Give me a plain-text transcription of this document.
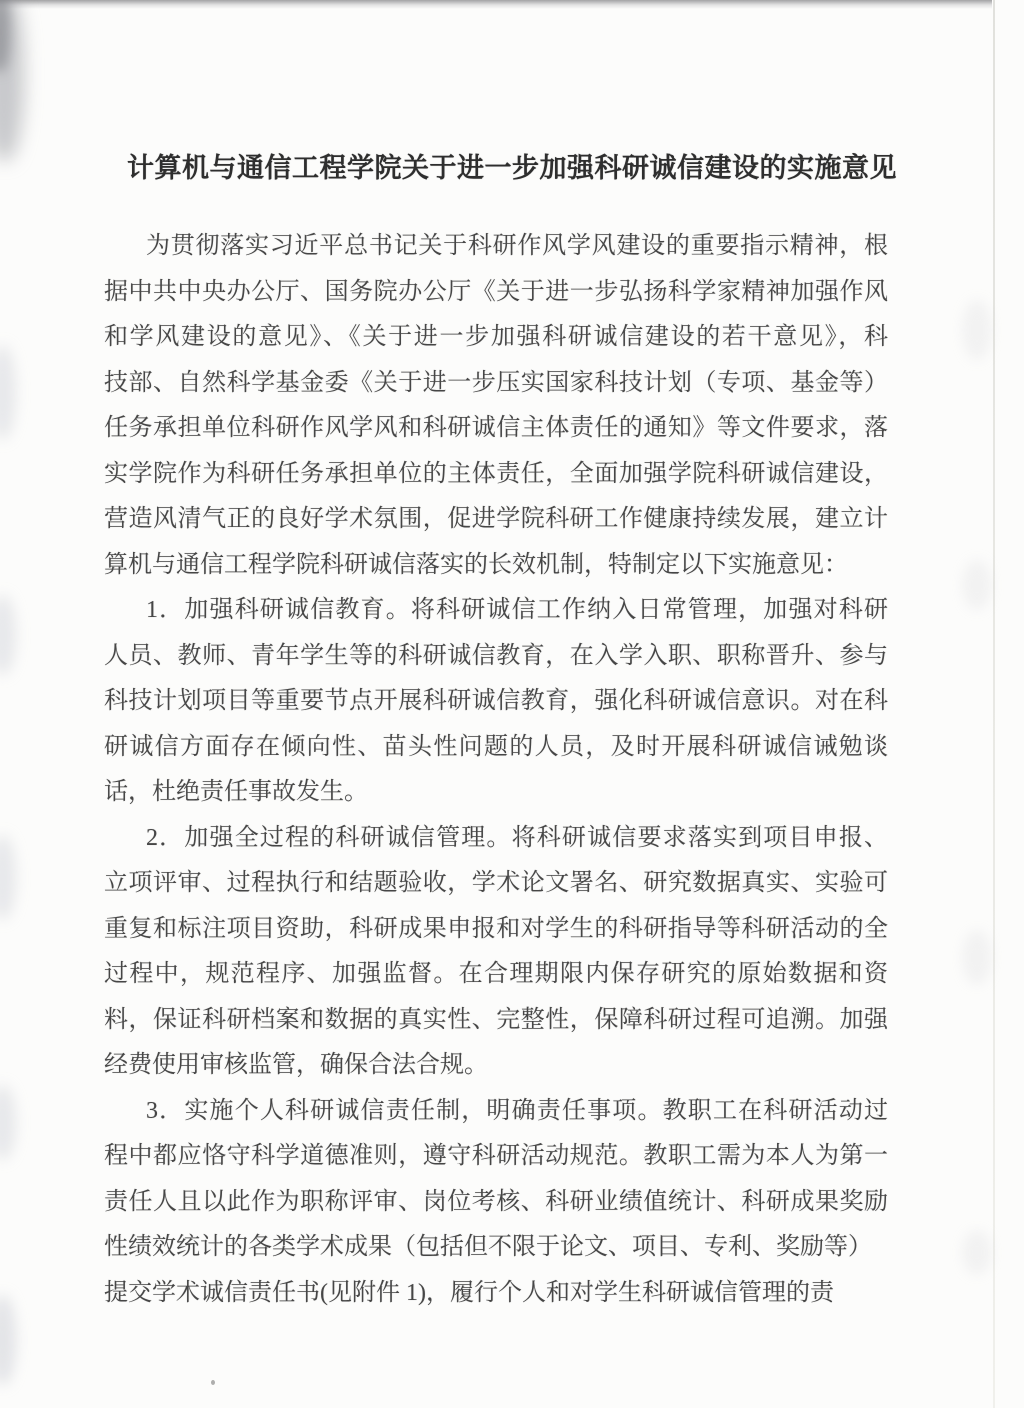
计算机与通信工程学院关于进一步加强科研诚信建设的实施意见
为贯彻落实习近平总书记关于科研作风学风建设的重要指示精神，根
据中共中央办公厅、国务院办公厅《关于进一步弘扬科学家精神加强作风
和学风建设的意见》、《关于进一步加强科研诚信建设的若干意见》，科
技部、自然科学基金委《关于进一步压实国家科技计划（专项、基金等）
任务承担单位科研作风学风和科研诚信主体责任的通知》等文件要求，落
实学院作为科研任务承担单位的主体责任，全面加强学院科研诚信建设，
营造风清气正的良好学术氛围，促进学院科研工作健康持续发展，建立计
算机与通信工程学院科研诚信落实的长效机制，特制定以下实施意见：
1．加强科研诚信教育。将科研诚信工作纳入日常管理，加强对科研
人员、教师、青年学生等的科研诚信教育，在入学入职、职称晋升、参与
科技计划项目等重要节点开展科研诚信教育，强化科研诚信意识。对在科
研诚信方面存在倾向性、苗头性问题的人员，及时开展科研诚信诫勉谈
话，杜绝责任事故发生。
2．加强全过程的科研诚信管理。将科研诚信要求落实到项目申报、
立项评审、过程执行和结题验收，学术论文署名、研究数据真实、实验可
重复和标注项目资助，科研成果申报和对学生的科研指导等科研活动的全
过程中，规范程序、加强监督。在合理期限内保存研究的原始数据和资
料，保证科研档案和数据的真实性、完整性，保障科研过程可追溯。加强
经费使用审核监管，确保合法合规。
3．实施个人科研诚信责任制，明确责任事项。教职工在科研活动过
程中都应恪守科学道德准则，遵守科研活动规范。教职工需为本人为第一
责任人且以此作为职称评审、岗位考核、科研业绩值统计、科研成果奖励
性绩效统计的各类学术成果（包括但不限于论文、项目、专利、奖励等）
提交学术诚信责任书(见附件 1)，履行个人和对学生科研诚信管理的责
